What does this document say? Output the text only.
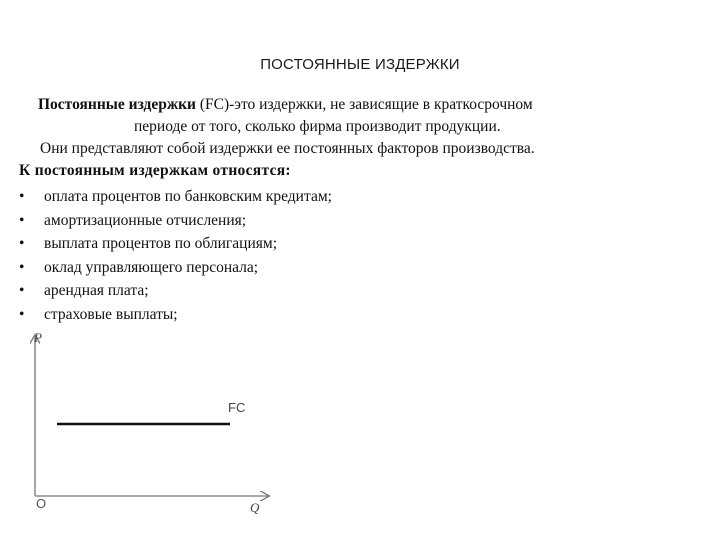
ПОСТОЯННЫЕ ИЗДЕРЖКИ
Постоянные издержки (FC)-это издержки, не зависящие в краткосрочном
периоде от того, сколько фирма производит продукции.
Они представляют собой издержки ее постоянных факторов производства.
К постоянным издержкам относятся:
• оплата процентов по банковским кредитам;
• амортизационные отчисления;
• выплата процентов по облигациям;
• оклад управляющего персонала;
• арендная плата;
• страховые выплаты;
P
Q
O
FC
